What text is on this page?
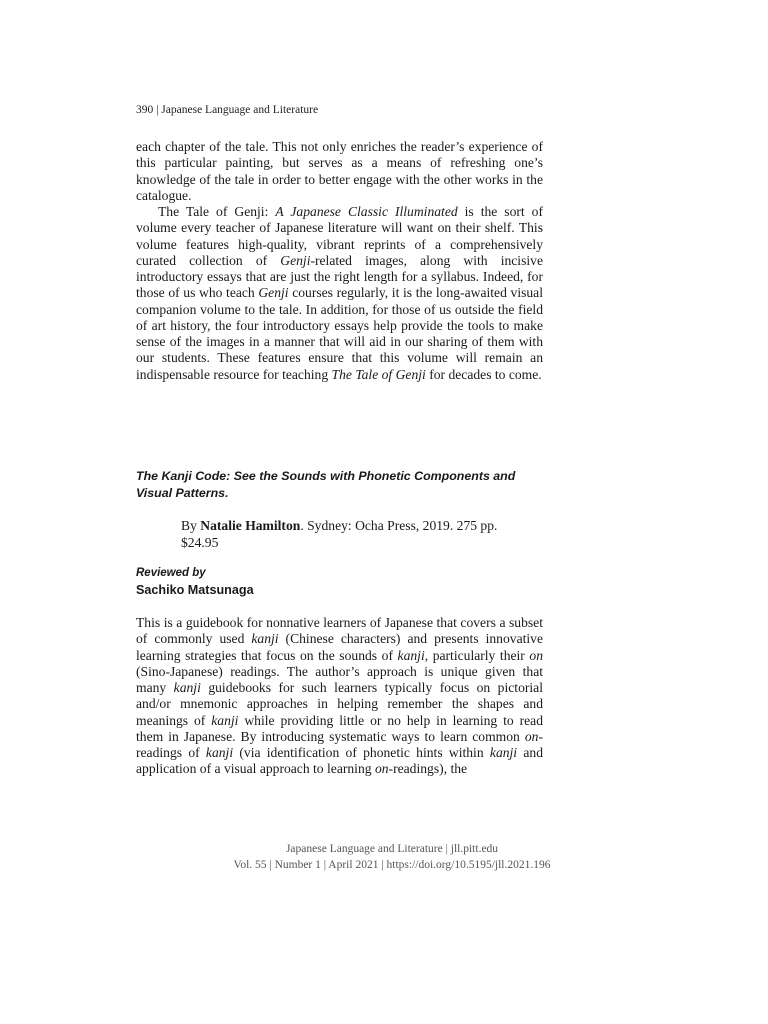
390 | Japanese Language and Literature

each chapter of the tale. This not only enriches the reader’s experience of this particular painting, but serves as a means of refreshing one’s knowledge of the tale in order to better engage with the other works in the catalogue.

The Tale of Genji: A Japanese Classic Illuminated is the sort of volume every teacher of Japanese literature will want on their shelf. This volume features high-quality, vibrant reprints of a comprehensively curated collection of Genji-related images, along with incisive introductory essays that are just the right length for a syllabus. Indeed, for those of us who teach Genji courses regularly, it is the long-awaited visual companion volume to the tale. In addition, for those of us outside the field of art history, the four introductory essays help provide the tools to make sense of the images in a manner that will aid in our sharing of them with our students. These features ensure that this volume will remain an indispensable resource for teaching The Tale of Genji for decades to come.

The Kanji Code: See the Sounds with Phonetic Components and Visual Patterns.
By Natalie Hamilton. Sydney: Ocha Press, 2019. 275 pp.
$24.95
Reviewed by
Sachiko Matsunaga

This is a guidebook for nonnative learners of Japanese that covers a subset of commonly used kanji (Chinese characters) and presents innovative learning strategies that focus on the sounds of kanji, particularly their on (Sino-Japanese) readings. The author’s approach is unique given that many kanji guidebooks for such learners typically focus on pictorial and/or mnemonic approaches in helping remember the shapes and meanings of kanji while providing little or no help in learning to read them in Japanese. By introducing systematic ways to learn common on-readings of kanji (via identification of phonetic hints within kanji and application of a visual approach to learning on-readings), the

Japanese Language and Literature | jll.pitt.edu
Vol. 55 | Number 1 | April 2021 | https://doi.org/10.5195/jll.2021.196
